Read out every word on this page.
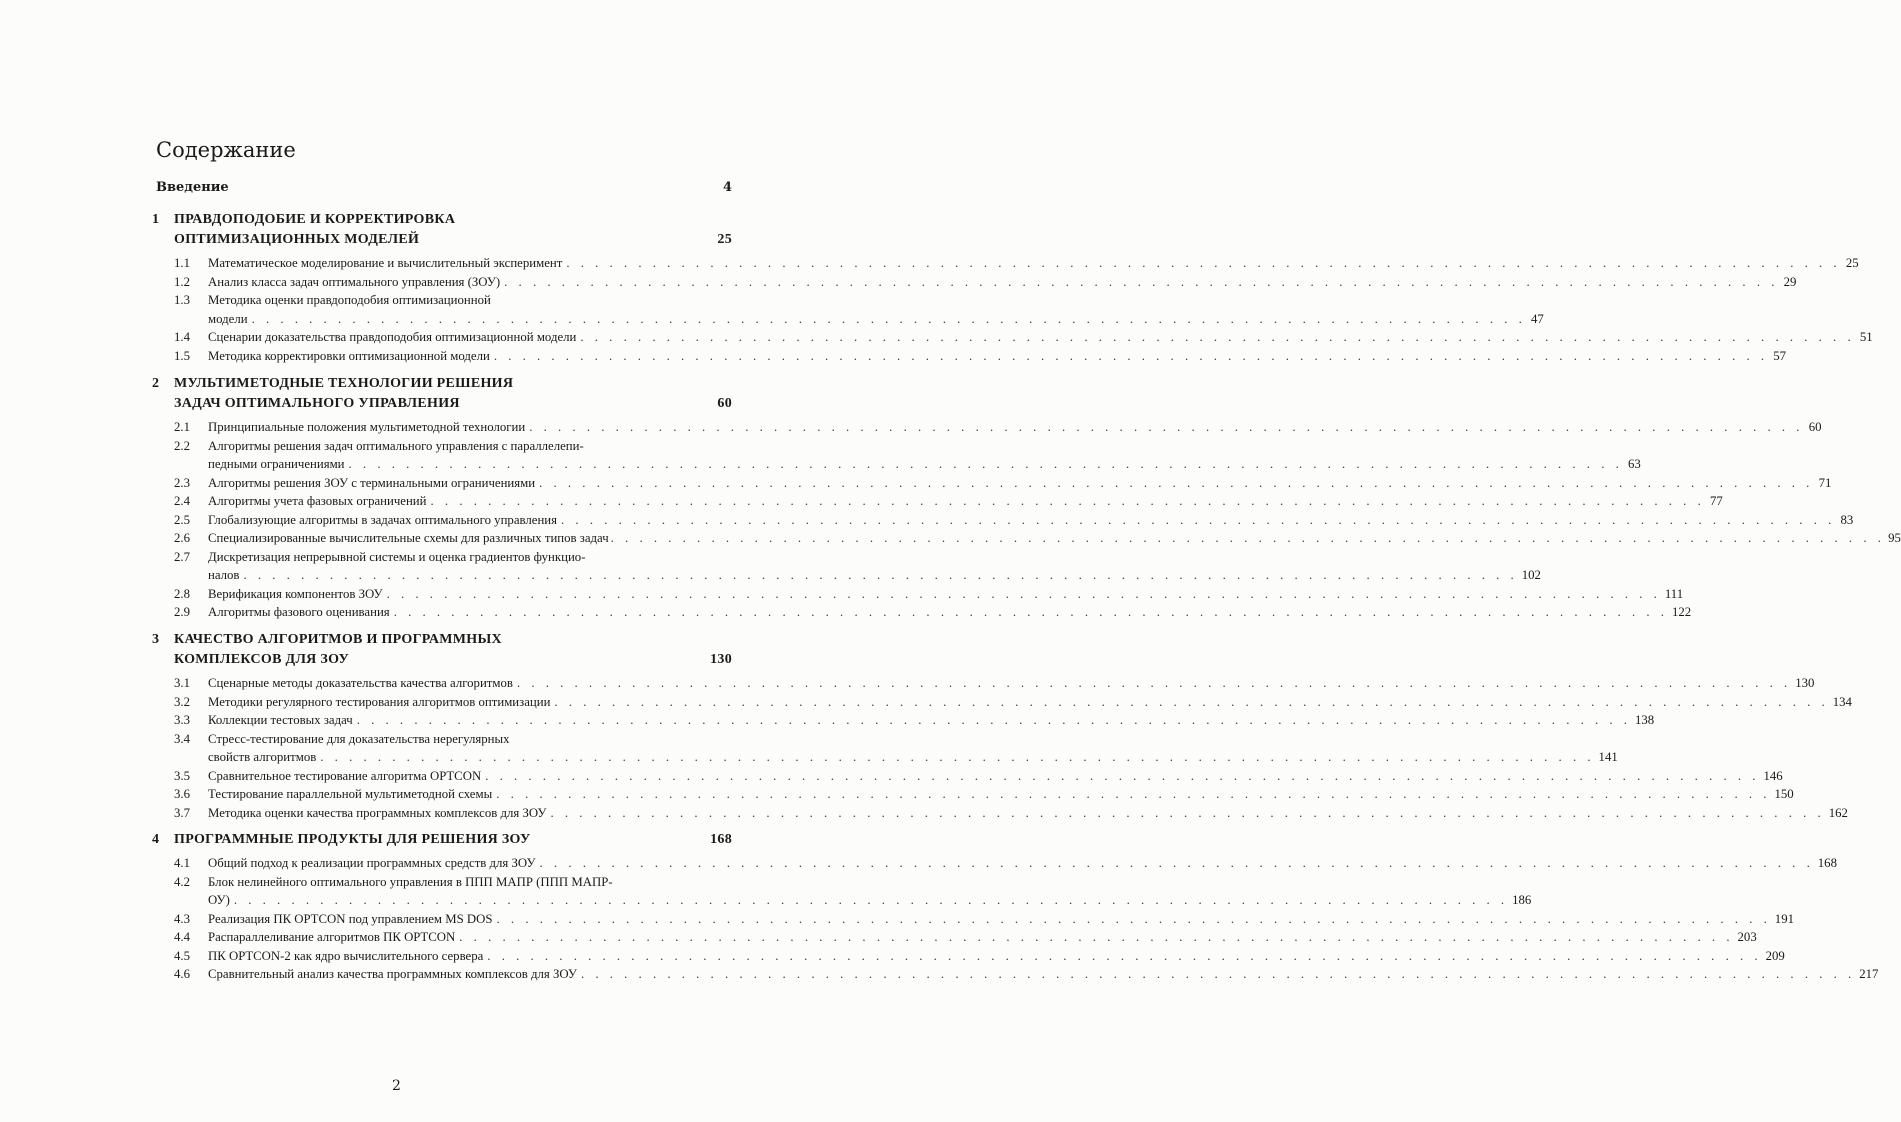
Содержание
Введение	4
1	ПРАВДОПОДОБИЕ И КОРРЕКТИРОВКА
ОПТИМИЗАЦИОННЫХ МОДЕЛЕЙ	25
1.1	Математическое моделирование и вычислительный эксперимент . . .	25
1.2	Анализ класса задач оптимального управления (ЗОУ) . . .	29
1.3	Методика оценки правдоподобия оптимизационной
модели . . .	47
1.4	Сценарии доказательства правдоподобия оптимизационной модели . . .	51
1.5	Методика корректировки оптимизационной модели . . .	57
2	МУЛЬТИМЕТОДНЫЕ ТЕХНОЛОГИИ РЕШЕНИЯ
ЗАДАЧ ОПТИМАЛЬНОГО УПРАВЛЕНИЯ	60
2.1	Принципиальные положения мультиметодной технологии . . .	60
2.2	Алгоритмы решения задач оптимального управления с параллелепи-
педными ограничениями . . .	63
2.3	Алгоритмы решения ЗОУ с терминальными ограничениями . . .	71
2.4	Алгоритмы учета фазовых ограничений . . .	77
2.5	Глобализующие алгоритмы в задачах оптимального управления . . .	83
2.6	Специализированные вычислительные схемы для различных типов задач . . .	95
2.7	Дискретизация непрерывной системы и оценка градиентов функцио-
налов . . .	102
2.8	Верификация компонентов ЗОУ . . .	111
2.9	Алгоритмы фазового оценивания . . .	122
3	КАЧЕСТВО АЛГОРИТМОВ И ПРОГРАММНЫХ
КОМПЛЕКСОВ ДЛЯ ЗОУ	130
3.1	Сценарные методы доказательства качества алгоритмов . . .	130
3.2	Методики регулярного тестирования алгоритмов оптимизации . . .	134
3.3	Коллекции тестовых задач . . .	138
3.4	Стресс-тестирование для доказательства нерегулярных
свойств алгоритмов . . .	141
3.5	Сравнительное тестирование алгоритма OPTCON . . .	146
3.6	Тестирование параллельной мультиметодной схемы . . .	150
3.7	Методика оценки качества программных комплексов для ЗОУ . . .	162
4	ПРОГРАММНЫЕ ПРОДУКТЫ ДЛЯ РЕШЕНИЯ ЗОУ	168
4.1	Общий подход к реализации программных средств для ЗОУ . . .	168
4.2	Блок нелинейного оптимального управления в ППП МАПР (ППП МАПР-
ОУ) . . .	186
4.3	Реализация ПК OPTCON под управлением MS DOS . . .	191
4.4	Распараллеливание алгоритмов ПК OPTCON . . .	203
4.5	ПК OPTCON-2 как ядро вычислительного сервера . . .	209
4.6	Сравнительный анализ качества программных комплексов для ЗОУ . . .	217
2
